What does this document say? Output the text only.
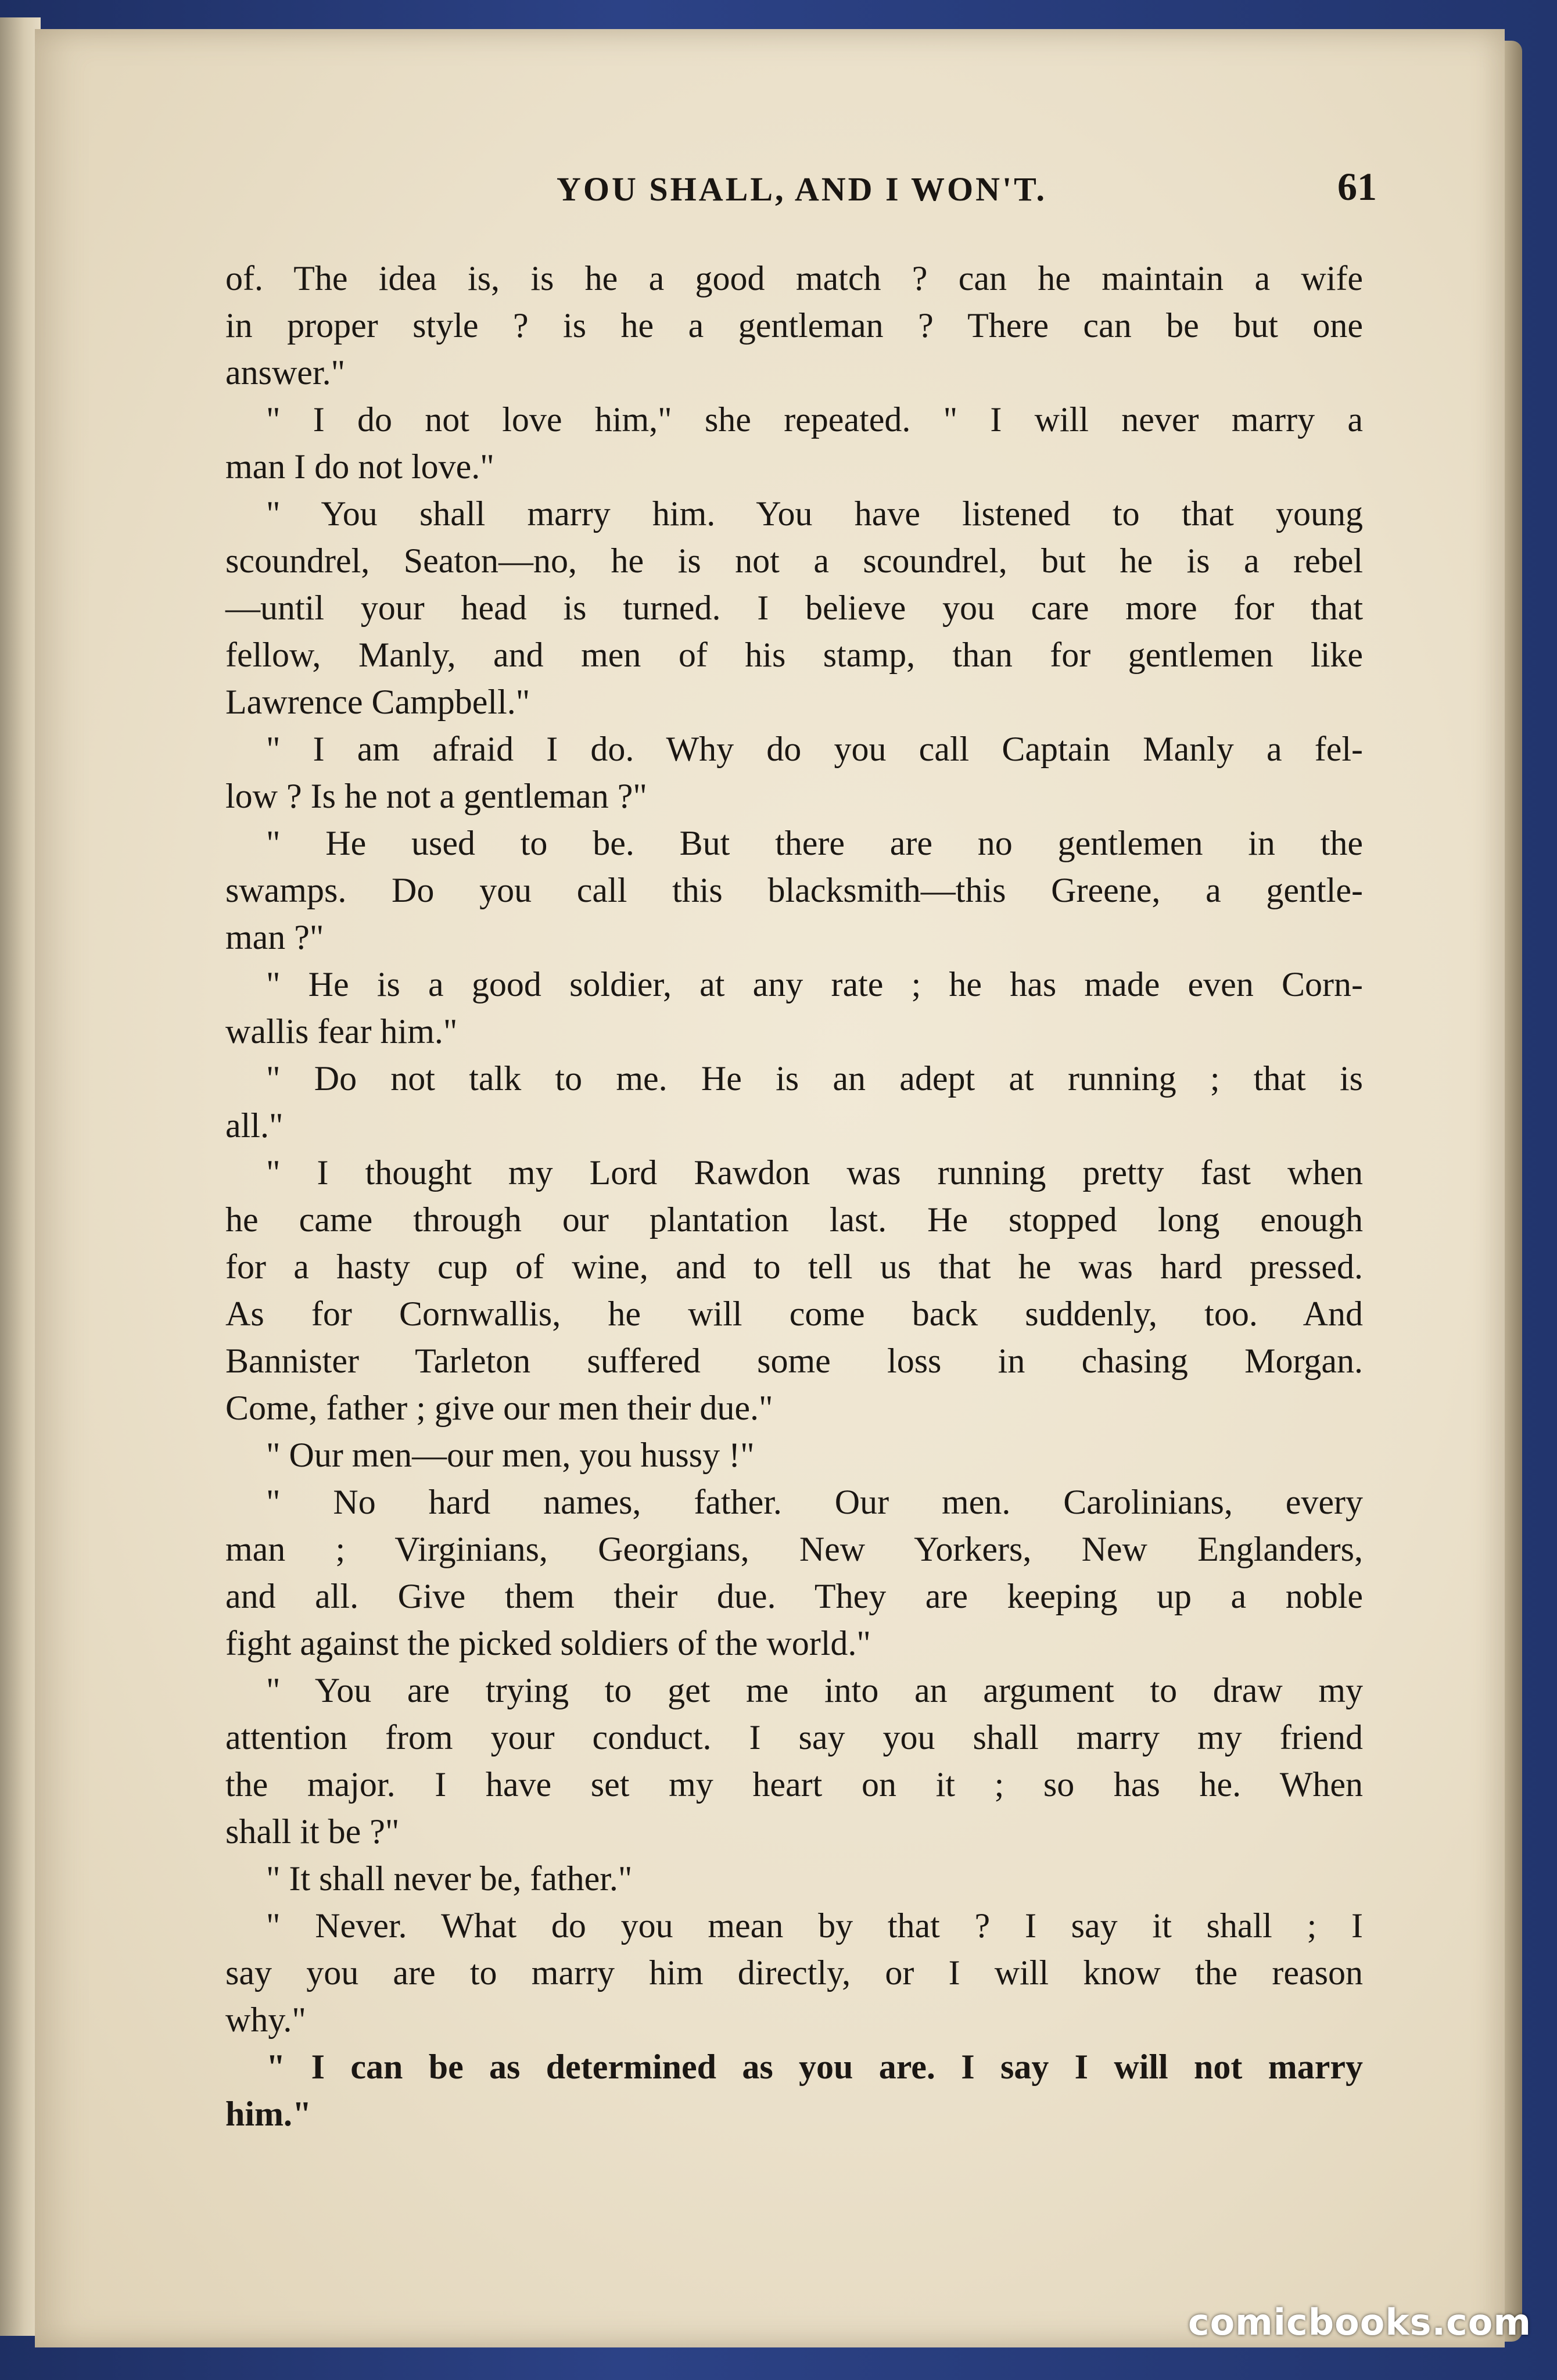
YOU SHALL, AND I WON'T.	61
of. The idea is, is he a good match ? can he maintain a wife
in proper style ? is he a gentleman ? There can be but one
answer."
" I do not love him," she repeated. " I will never marry a
man I do not love."
" You shall marry him. You have listened to that young
scoundrel, Seaton—no, he is not a scoundrel, but he is a rebel
—until your head is turned. I believe you care more for that
fellow, Manly, and men of his stamp, than for gentlemen like
Lawrence Campbell."
" I am afraid I do. Why do you call Captain Manly a fel-
low ? Is he not a gentleman ?"
" He used to be. But there are no gentlemen in the
swamps. Do you call this blacksmith—this Greene, a gentle-
man ?"
" He is a good soldier, at any rate ; he has made even Corn-
wallis fear him."
" Do not talk to me. He is an adept at running ; that is
all."
" I thought my Lord Rawdon was running pretty fast when
he came through our plantation last. He stopped long enough
for a hasty cup of wine, and to tell us that he was hard pressed.
As for Cornwallis, he will come back suddenly, too. And
Bannister Tarleton suffered some loss in chasing Morgan.
Come, father ; give our men their due."
" Our men—our men, you hussy !"
" No hard names, father. Our men. Carolinians, every
man ; Virginians, Georgians, New Yorkers, New Englanders,
and all. Give them their due. They are keeping up a noble
fight against the picked soldiers of the world."
" You are trying to get me into an argument to draw my
attention from your conduct. I say you shall marry my friend
the major. I have set my heart on it ; so has he. When
shall it be ?"
" It shall never be, father."
" Never. What do you mean by that ? I say it shall ; I
say you are to marry him directly, or I will know the reason
why."
" I can be as determined as you are. I say I will not marry
him."
comicbooks.com
